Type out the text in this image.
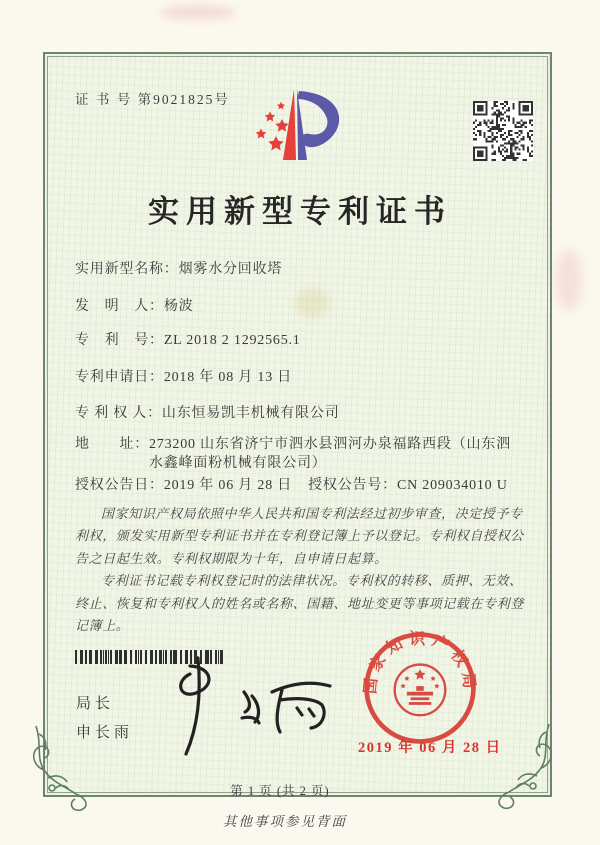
证 书 号 第9021825号
实用新型专利证书
实用新型名称： 烟雾水分回收塔
发　明　人： 杨波
专　利　号： ZL 2018 2 1292565.1
专利申请日： 2018 年 08 月 13 日
专 利 权 人： 山东恒易凯丰机械有限公司
地　　址： 273200 山东省济宁市泗水县泗河办泉福路西段（山东泗水鑫峰面粉机械有限公司）
授权公告日： 2019 年 06 月 28 日 授权公告号： CN 209034010 U

国家知识产权局依照中华人民共和国专利法经过初步审查，决定授予专利权，颁发实用新型专利证书并在专利登记簿上予以登记。专利权自授权公告之日起生效。专利权期限为十年，自申请日起算。

专利证书记载专利权登记时的法律状况。专利权的转移、质押、无效、终止、恢复和专利权人的姓名或名称、国籍、地址变更等事项记载在专利登记簿上。

局长
申长雨
国家知识产权局
2019 年 06 月 28 日
第 1 页 (共 2 页)
其他事项参见背面
